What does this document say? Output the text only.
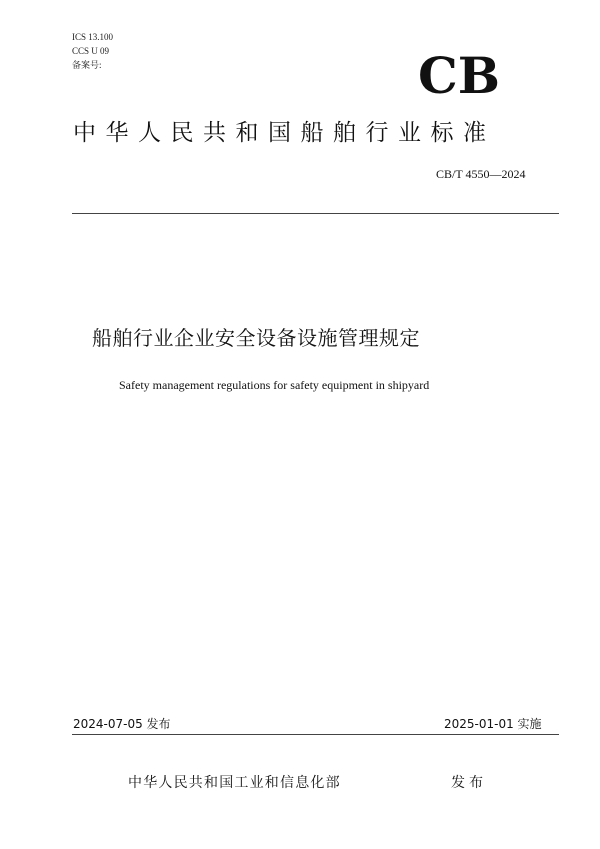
ICS 13.100
CCS U 09
备案号:	CB
中华人民共和国船舶行业标准
CB/T 4550—2024
船舶行业企业安全设备设施管理规定
Safety management regulations for safety equipment in shipyard
2024-07-05 发布	2025-01-01 实施
中华人民共和国工业和信息化部	发布
